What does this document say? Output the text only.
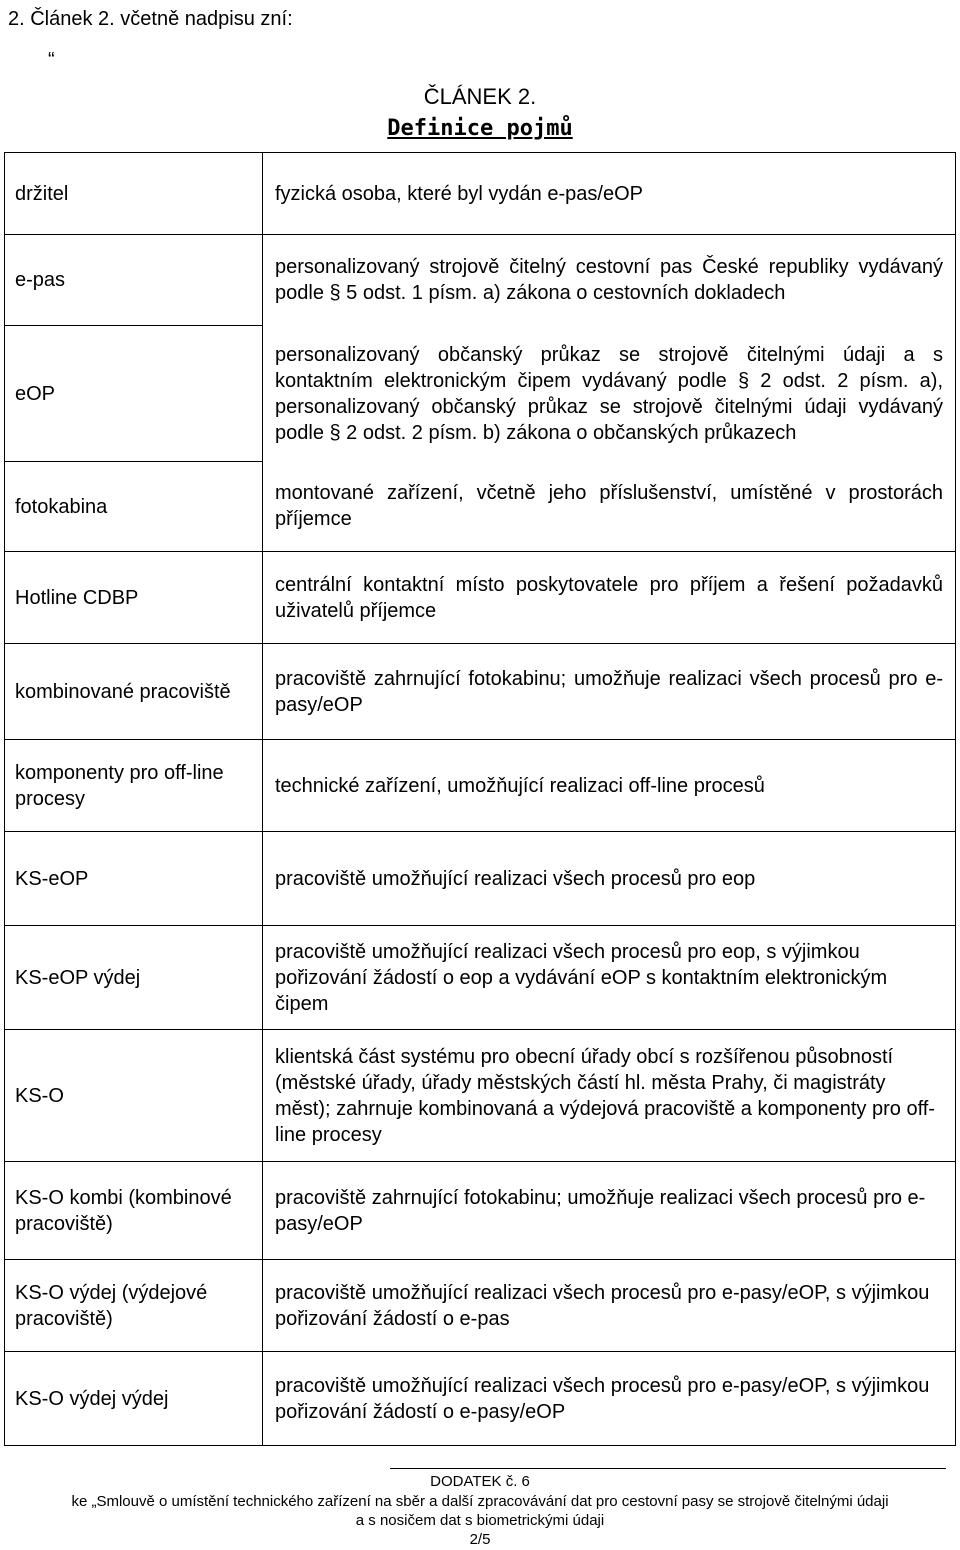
2. Článek 2. včetně nadpisu zní:
“
ČLÁNEK 2.
Definice pojmů
držitel	fyzická osoba, které byl vydán e-pas/eOP
e-pas	personalizovaný strojově čitelný cestovní pas České republiky vydávaný podle § 5 odst. 1 písm. a) zákona o cestovních dokladech
eOP	personalizovaný občanský průkaz se strojově čitelnými údaji a s kontaktním elektronickým čipem vydávaný podle § 2 odst. 2 písm. a), personalizovaný občanský průkaz se strojově čitelnými údaji vydávaný podle § 2 odst. 2 písm. b) zákona o občanských průkazech
fotokabina	montované zařízení, včetně jeho příslušenství, umístěné v prostorách příjemce
Hotline CDBP	centrální kontaktní místo poskytovatele pro příjem a řešení požadavků uživatelů příjemce
kombinované pracoviště	pracoviště zahrnující fotokabinu; umožňuje realizaci všech procesů pro e-pasy/eOP
komponenty pro off-line procesy	technické zařízení, umožňující realizaci off-line procesů
KS-eOP	pracoviště umožňující realizaci všech procesů pro eop
KS-eOP výdej	pracoviště umožňující realizaci všech procesů pro eop, s výjimkou pořizování žádostí o eop a vydávání eOP s kontaktním elektronickým čipem
KS-O	klientská část systému pro obecní úřady obcí s rozšířenou působností (městské úřady, úřady městských částí hl. města Prahy, či magistráty měst); zahrnuje kombinovaná a výdejová pracoviště a komponenty pro off-line procesy
KS-O kombi (kombinové pracoviště)	pracoviště zahrnující fotokabinu; umožňuje realizaci všech procesů pro e-pasy/eOP
KS-O výdej (výdejové pracoviště)	pracoviště umožňující realizaci všech procesů pro e-pasy/eOP, s výjimkou pořizování žádostí o e-pas
KS-O výdej výdej	pracoviště umožňující realizaci všech procesů pro e-pasy/eOP, s výjimkou pořizování žádostí o e-pasy/eOP
DODATEK č. 6
ke „Smlouvě o umístění technického zařízení na sběr a další zpracovávání dat pro cestovní pasy se strojově čitelnými údaji
a s nosičem dat s biometrickými údaji
2/5
